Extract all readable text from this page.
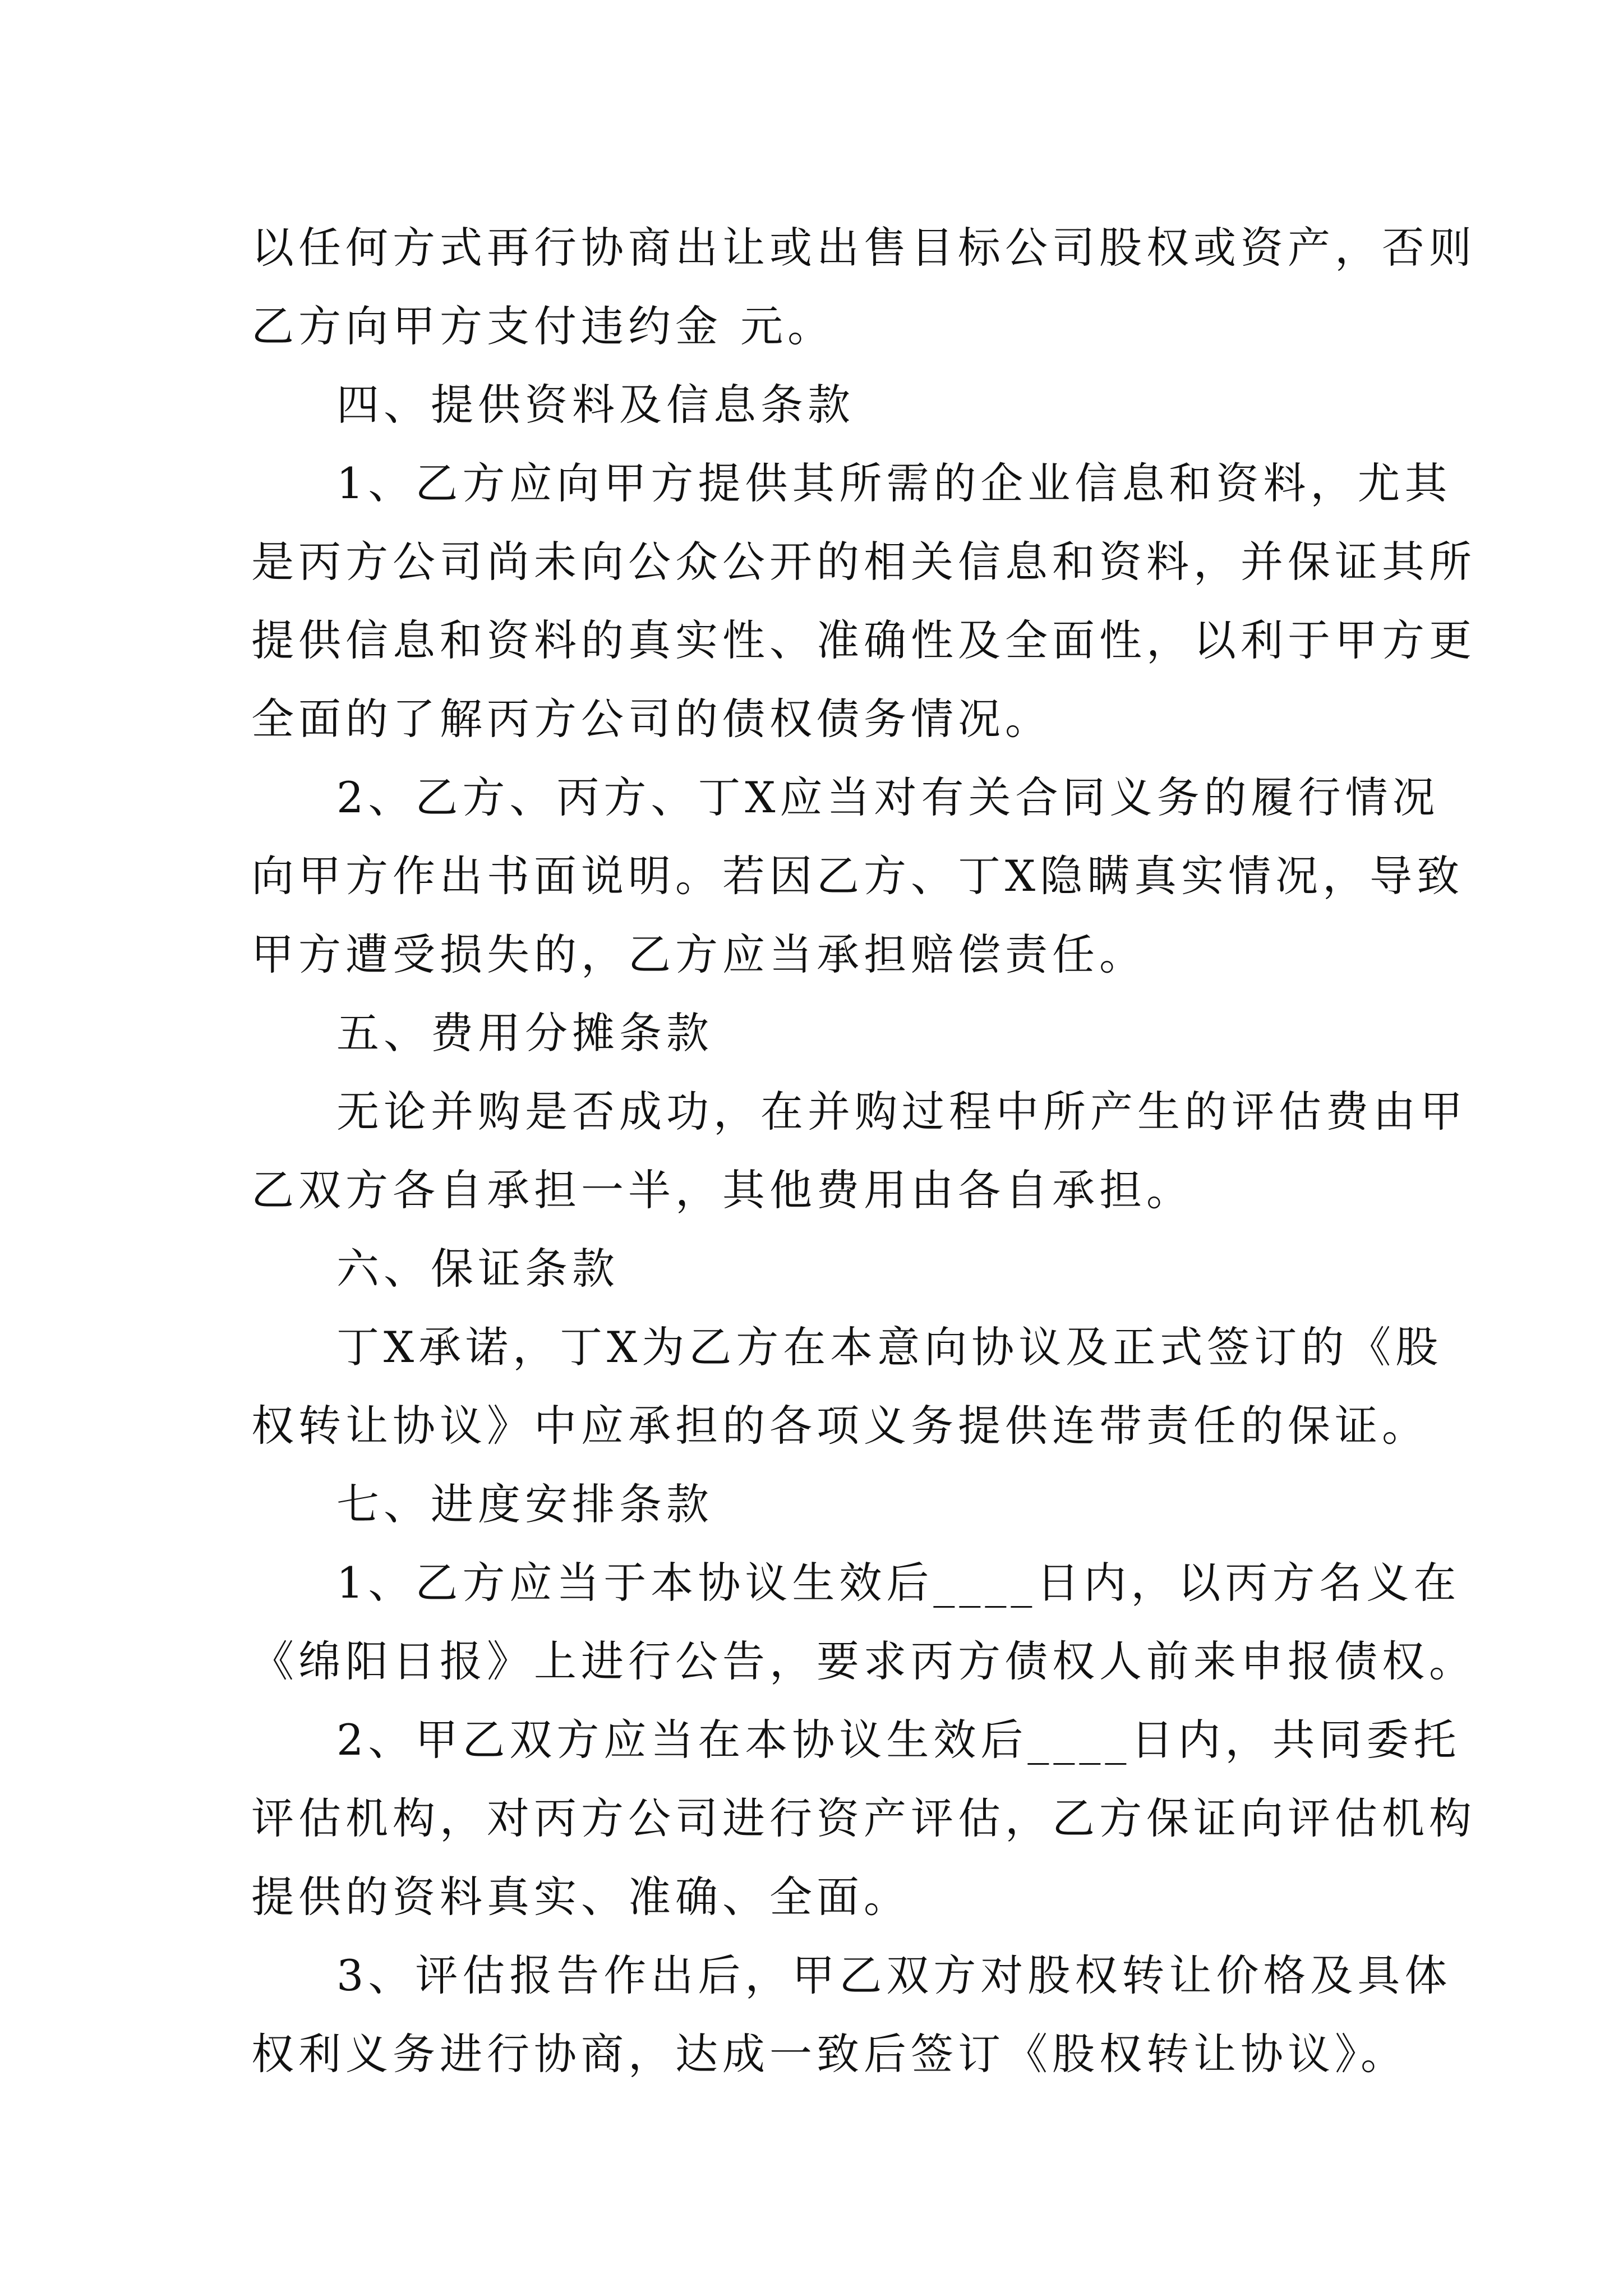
以任何方式再行协商出让或出售目标公司股权或资产，否则
乙方向甲方支付违约金 元。
四、提供资料及信息条款
1、乙方应向甲方提供其所需的企业信息和资料，尤其
是丙方公司尚未向公众公开的相关信息和资料，并保证其所
提供信息和资料的真实性、准确性及全面性，以利于甲方更
全面的了解丙方公司的债权债务情况。
2、乙方、丙方、丁X应当对有关合同义务的履行情况
向甲方作出书面说明。若因乙方、丁X隐瞒真实情况，导致
甲方遭受损失的，乙方应当承担赔偿责任。
五、费用分摊条款
无论并购是否成功，在并购过程中所产生的评估费由甲
乙双方各自承担一半，其他费用由各自承担。
六、保证条款
丁X承诺，丁X为乙方在本意向协议及正式签订的《股
权转让协议》中应承担的各项义务提供连带责任的保证。
七、进度安排条款
1、乙方应当于本协议生效后____日内，以丙方名义在
《绵阳日报》上进行公告，要求丙方债权人前来申报债权。
2、甲乙双方应当在本协议生效后____日内，共同委托
评估机构，对丙方公司进行资产评估，乙方保证向评估机构
提供的资料真实、准确、全面。
3、评估报告作出后，甲乙双方对股权转让价格及具体
权利义务进行协商，达成一致后签订《股权转让协议》。
